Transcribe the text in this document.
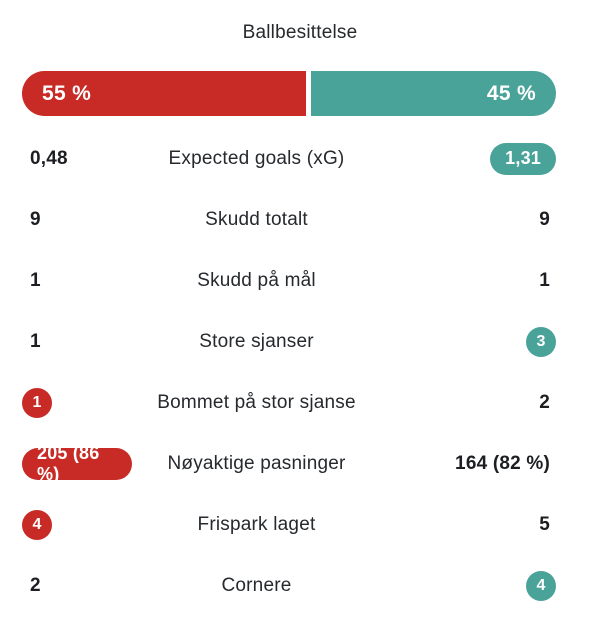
Ballbesittelse
55 %	45 %
0,48	Expected goals (xG)	1,31
9	Skudd totalt	9
1	Skudd på mål	1
1	Store sjanser	3
1	Bommet på stor sjanse	2
205 (86 %)	Nøyaktige pasninger	164 (82 %)
4	Frispark laget	5
2	Cornere	4
